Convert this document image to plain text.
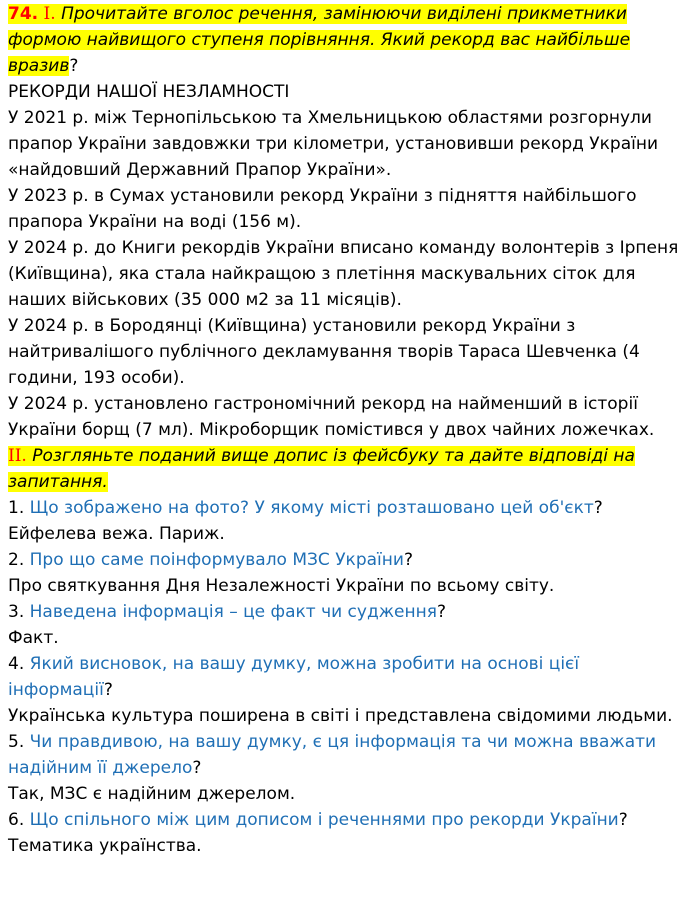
74. I. Прочитайте вголос речення, замінюючи виділені прикметники формою найвищого ступеня порівняння. Який рекорд вас найбільше вразив?

РЕКОРДИ НАШОЇ НЕЗЛАМНОСТІ

У 2021 р. між Тернопільською та Хмельницькою областями розгорнули прапор України завдовжки три кілометри, установивши рекорд України «найдовший Державний Прапор України».

У 2023 р. в Сумах установили рекорд України з підняття найбільшого прапора України на воді (156 м).

У 2024 р. до Книги рекордів України вписано команду волонтерів з Ірпеня (Київщина), яка стала найкращою з плетіння маскувальних сіток для наших військових (35 000 м2 за 11 місяців).

У 2024 р. в Бородянці (Київщина) установили рекорд України з найтривалішого публічного декламування творів Тараса Шевченка (4 години, 193 особи).

У 2024 р. установлено гастрономічний рекорд на найменший в історії України борщ (7 мл). Мікроборщик помістився у двох чайних ложечках.

II. Розгляньте поданий вище допис із фейсбуку та дайте відповіді на запитання.

1. Що зображено на фото? У якому місті розташовано цей об'єкт?

Ейфелева вежа. Париж.

2. Про що саме поінформувало МЗС України?

Про святкування Дня Незалежності України по всьому світу.

3. Наведена інформація – це факт чи судження?

Факт.

4. Який висновок, на вашу думку, можна зробити на основі цієї інформації?

Українська культура поширена в світі і представлена свідомими людьми.

5. Чи правдивою, на вашу думку, є ця інформація та чи можна вважати надійним її джерело?

Так, МЗС є надійним джерелом.

6. Що спільного між цим дописом і реченнями про рекорди України?

Тематика українства.
